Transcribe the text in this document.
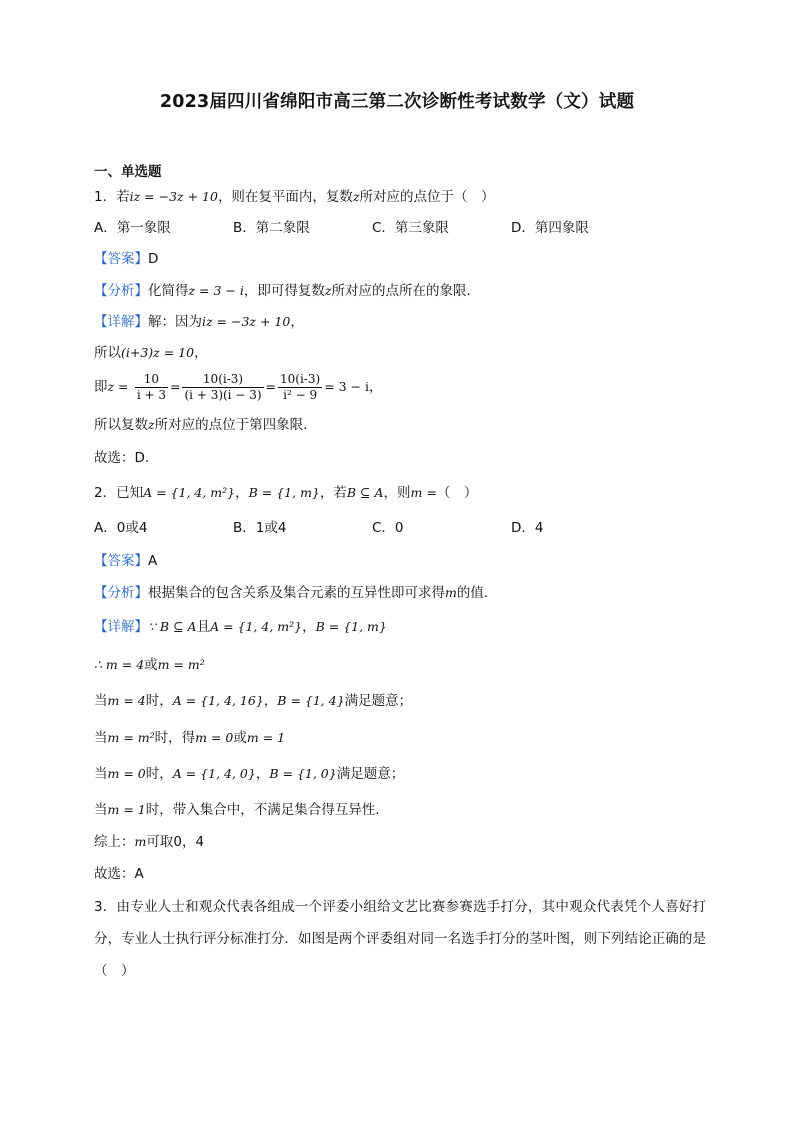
2023届四川省绵阳市高三第二次诊断性考试数学（文）试题
一、单选题
1．若iz = −3z + 10，则在复平面内，复数z所对应的点位于（　）
A．第一象限	B．第二象限	C．第三象限	D．第四象限
【答案】D
【分析】化简得z = 3 − i，即可得复数z所对应的点所在的象限.
【详解】解：因为iz = −3z + 10，
所以(i+3)z = 10，
即$z = \frac{10}{i + 3} = \frac{10(i-3)}{(i + 3)(i - 3)} = \frac{10(i-3)}{\text{i² − 9}} = 3 - i$，
所以复数z所对应的点位于第四象限.
故选：D.
2．已知A = {1, 4, m²}，B = {1, m}，若B ⊆ A，则m =（　）
A．0或4	B．1或4	C．0	D．4
【答案】A
【分析】根据集合的包含关系及集合元素的互异性即可求得m的值.
【详解】∵ B ⊆ A且A = {1, 4, m²}，B = {1, m}
∴ m = 4或m = m²
当m = 4时，A = {1, 4, 16}，B = {1, 4}满足题意；
当m = m²时，得m = 0或m = 1
当m = 0时，A = {1, 4, 0}，B = {1, 0}满足题意；
当m = 1时，带入集合中，不满足集合得互异性.
综上：m可取0，4
故选：A
3．由专业人士和观众代表各组成一个评委小组给文艺比赛参赛选手打分，其中观众代表凭个人喜好打分，专业人士执行评分标准打分．如图是两个评委组对同一名选手打分的茎叶图，则下列结论正确的是（　）
